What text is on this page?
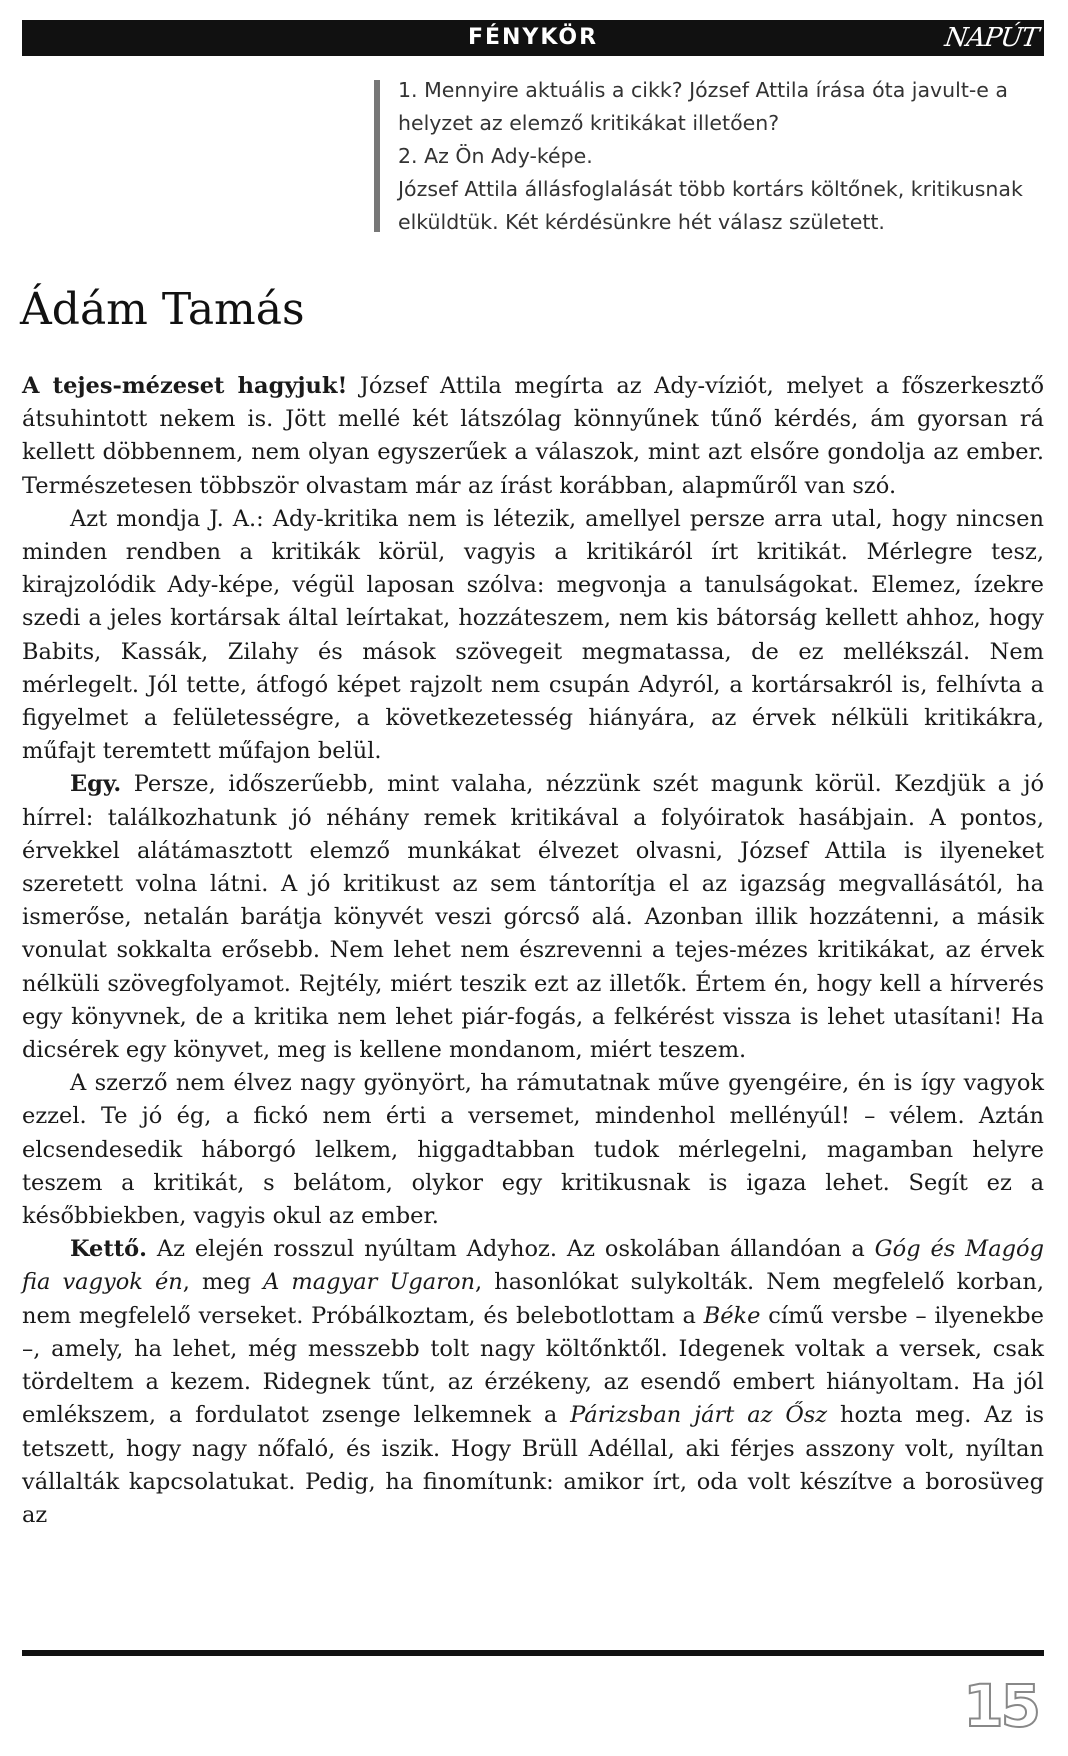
FÉNYKÖR	NAPÚT

1. Mennyire aktuális a cikk? József Attila írása óta javult-e a helyzet az elemző kritikákat illetően?

2. Az Ön Ady-képe.

József Attila állásfoglalását több kortárs költőnek, kritikusnak elküldtük. Két kérdésünkre hét válasz született.

Ádám Tamás

A tejes-mézeset hagyjuk! József Attila megírta az Ady-víziót, melyet a főszerkesztő átsuhintott nekem is. Jött mellé két látszólag könnyűnek tűnő kérdés, ám gyorsan rá kellett döbbennem, nem olyan egyszerűek a válaszok, mint azt elsőre gondolja az ember. Természetesen többször olvastam már az írást korábban, alapműről van szó.

Azt mondja J. A.: Ady-kritika nem is létezik, amellyel persze arra utal, hogy nincsen minden rendben a kritikák körül, vagyis a kritikáról írt kritikát. Mérlegre tesz, kirajzolódik Ady-képe, végül laposan szólva: megvonja a tanulságokat. Elemez, ízekre szedi a jeles kortársak által leírtakat, hozzáteszem, nem kis bátorság kellett ahhoz, hogy Babits, Kassák, Zilahy és mások szövegeit megmatassa, de ez mellékszál. Nem mérlegelt. Jól tette, átfogó képet rajzolt nem csupán Adyról, a kortársakról is, felhívta a figyelmet a felületességre, a következetesség hiányára, az érvek nélküli kritikákra, műfajt teremtett műfajon belül.

Egy. Persze, időszerűebb, mint valaha, nézzünk szét magunk körül. Kezdjük a jó hírrel: találkozhatunk jó néhány remek kritikával a folyóiratok hasábjain. A pontos, érvekkel alátámasztott elemző munkákat élvezet olvasni, József Attila is ilyeneket szeretett volna látni. A jó kritikust az sem tántorítja el az igazság megvallásától, ha ismerőse, netalán barátja könyvét veszi górcső alá. Azonban illik hozzátenni, a másik vonulat sokkalta erősebb. Nem lehet nem észrevenni a tejes-mézes kritikákat, az érvek nélküli szövegfolyamot. Rejtély, miért teszik ezt az illetők. Értem én, hogy kell a hírverés egy könyvnek, de a kritika nem lehet piár-fogás, a felkérést vissza is lehet utasítani! Ha dicsérek egy könyvet, meg is kellene mondanom, miért teszem.

A szerző nem élvez nagy gyönyört, ha rámutatnak műve gyengéire, én is így vagyok ezzel. Te jó ég, a fickó nem érti a versemet, mindenhol mellényúl! – vélem. Aztán elcsendesedik háborgó lelkem, higgadtabban tudok mérlegelni, magamban helyre teszem a kritikát, s belátom, olykor egy kritikusnak is igaza lehet. Segít ez a későbbiekben, vagyis okul az ember.

Kettő. Az elején rosszul nyúltam Adyhoz. Az oskolában állandóan a Góg és Magóg fia vagyok én, meg A magyar Ugaron, hasonlókat sulykolták. Nem megfelelő korban, nem megfelelő verseket. Próbálkoztam, és belebotlottam a Béke című versbe – ilyenekbe –, amely, ha lehet, még messzebb tolt nagy költőnktől. Idegenek voltak a versek, csak tördeltem a kezem. Ridegnek tűnt, az érzékeny, az esendő embert hiányoltam. Ha jól emlékszem, a fordulatot zsenge lelkemnek a Párizsban járt az Ősz hozta meg. Az is tetszett, hogy nagy nőfaló, és iszik. Hogy Brüll Adéllal, aki férjes asszony volt, nyíltan vállalták kapcsolatukat. Pedig, ha finomítunk: amikor írt, oda volt készítve a borosüveg az

15
